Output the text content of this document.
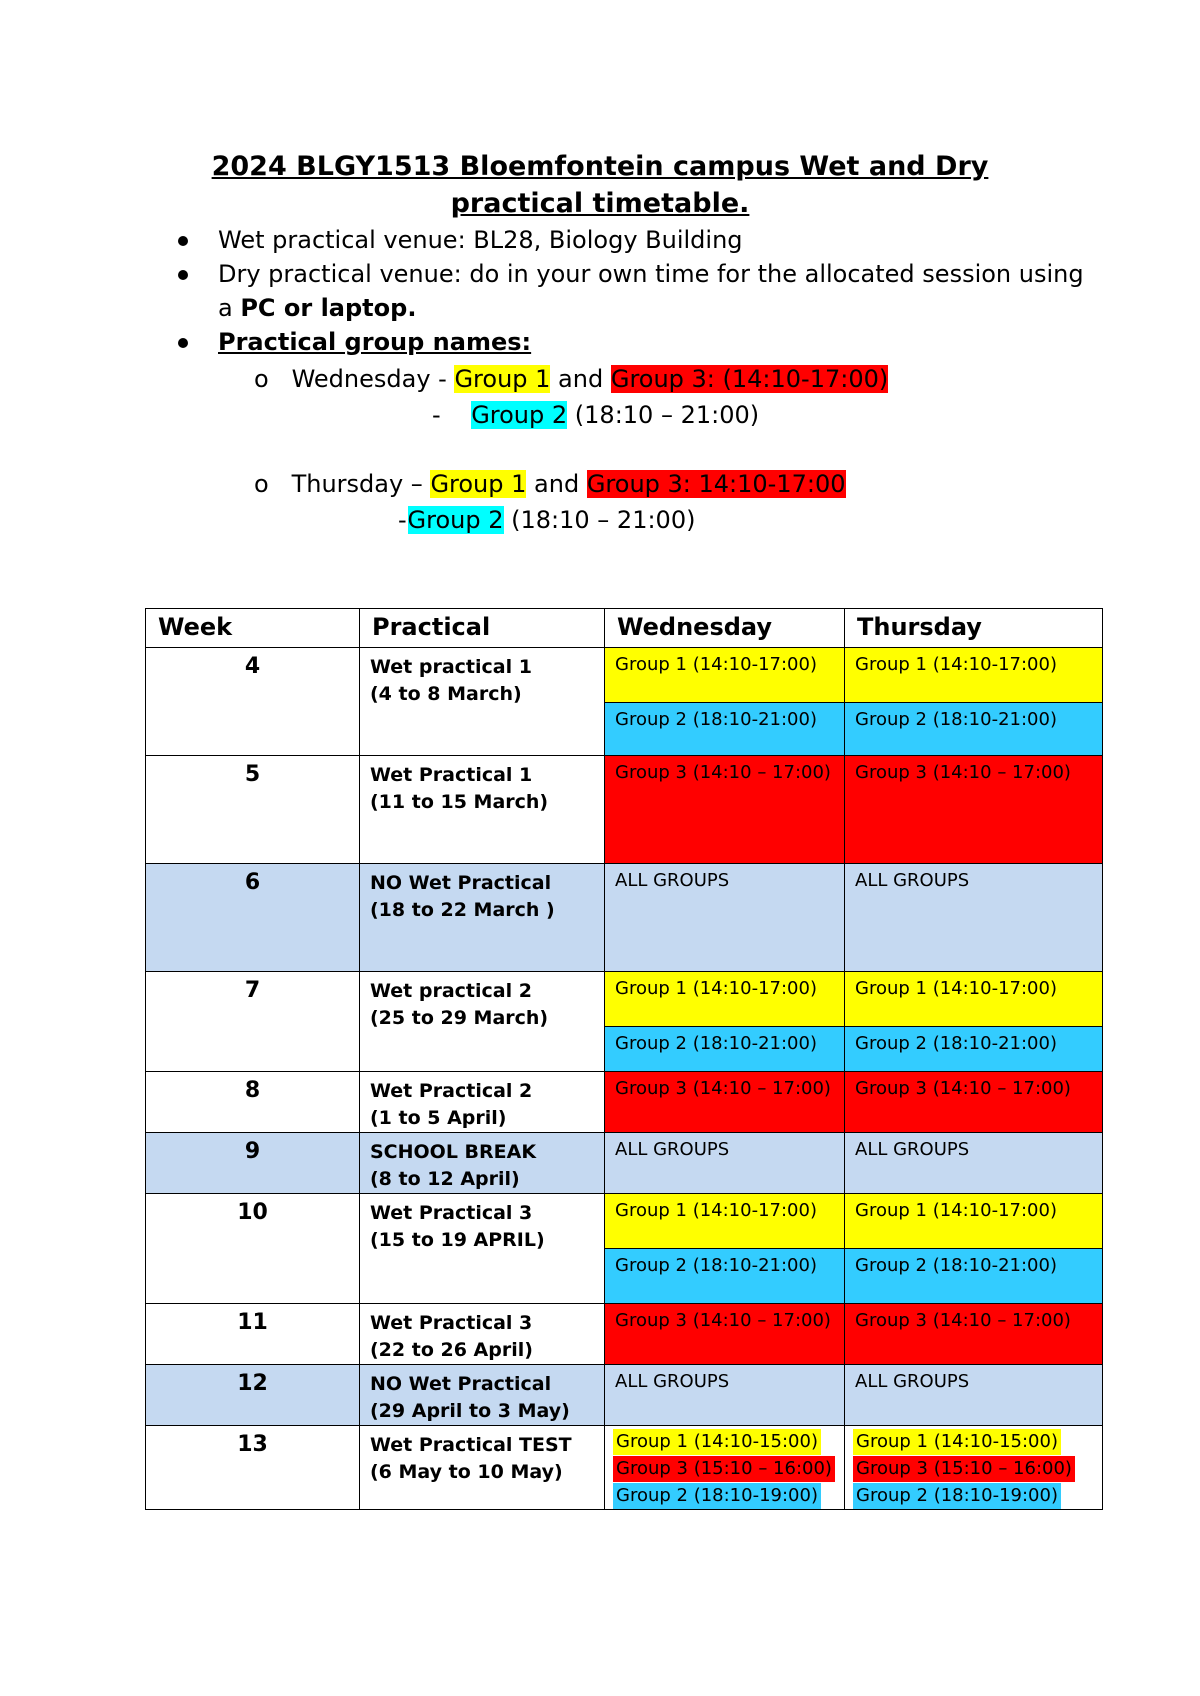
2024 BLGY1513 Bloemfontein campus Wet and Dry practical timetable.
Wet practical venue: BL28, Biology Building
Dry practical venue: do in your own time for the allocated session using
a PC or laptop.
Practical group names:
o Wednesday - Group 1 and Group 3: (14:10-17:00)
- Group 2 (18:10 – 21:00)
o Thursday – Group 1 and Group 3: 14:10-17:00
-Group 2 (18:10 – 21:00)
Week	Practical	Wednesday	Thursday
4	Wet practical 1
(4 to 8 March)	Group 1 (14:10-17:00)	Group 1 (14:10-17:00)

		Group 2 (18:10-21:00)	Group 2 (18:10-21:00)

5	Wet Practical 1
(11 to 15 March)	Group 3 (14:10 – 17:00)	Group 3 (14:10 – 17:00)

6	NO Wet Practical
(18 to 22 March )	ALL GROUPS	ALL GROUPS

7	Wet practical 2
(25 to 29 March)	Group 1 (14:10-17:00)	Group 1 (14:10-17:00)

		Group 2 (18:10-21:00)	Group 2 (18:10-21:00)

8	Wet Practical 2
(1 to 5 April)	Group 3 (14:10 – 17:00)	Group 3 (14:10 – 17:00)

9	SCHOOL BREAK
(8 to 12 April)	ALL GROUPS	ALL GROUPS

10	Wet Practical 3
(15 to 19 APRIL)	Group 1 (14:10-17:00)	Group 1 (14:10-17:00)

		Group 2 (18:10-21:00)	Group 2 (18:10-21:00)

11	Wet Practical 3
(22 to 26 April)	Group 3 (14:10 – 17:00)	Group 3 (14:10 – 17:00)

12	NO Wet Practical
(29 April to 3 May)	ALL GROUPS	ALL GROUPS

13	Wet Practical TEST
(6 May to 10 May)	Group 1 (14:10-15:00)
Group 3 (15:10 – 16:00)
Group 2 (18:10-19:00)	Group 1 (14:10-15:00)
Group 3 (15:10 – 16:00)
Group 2 (18:10-19:00)
